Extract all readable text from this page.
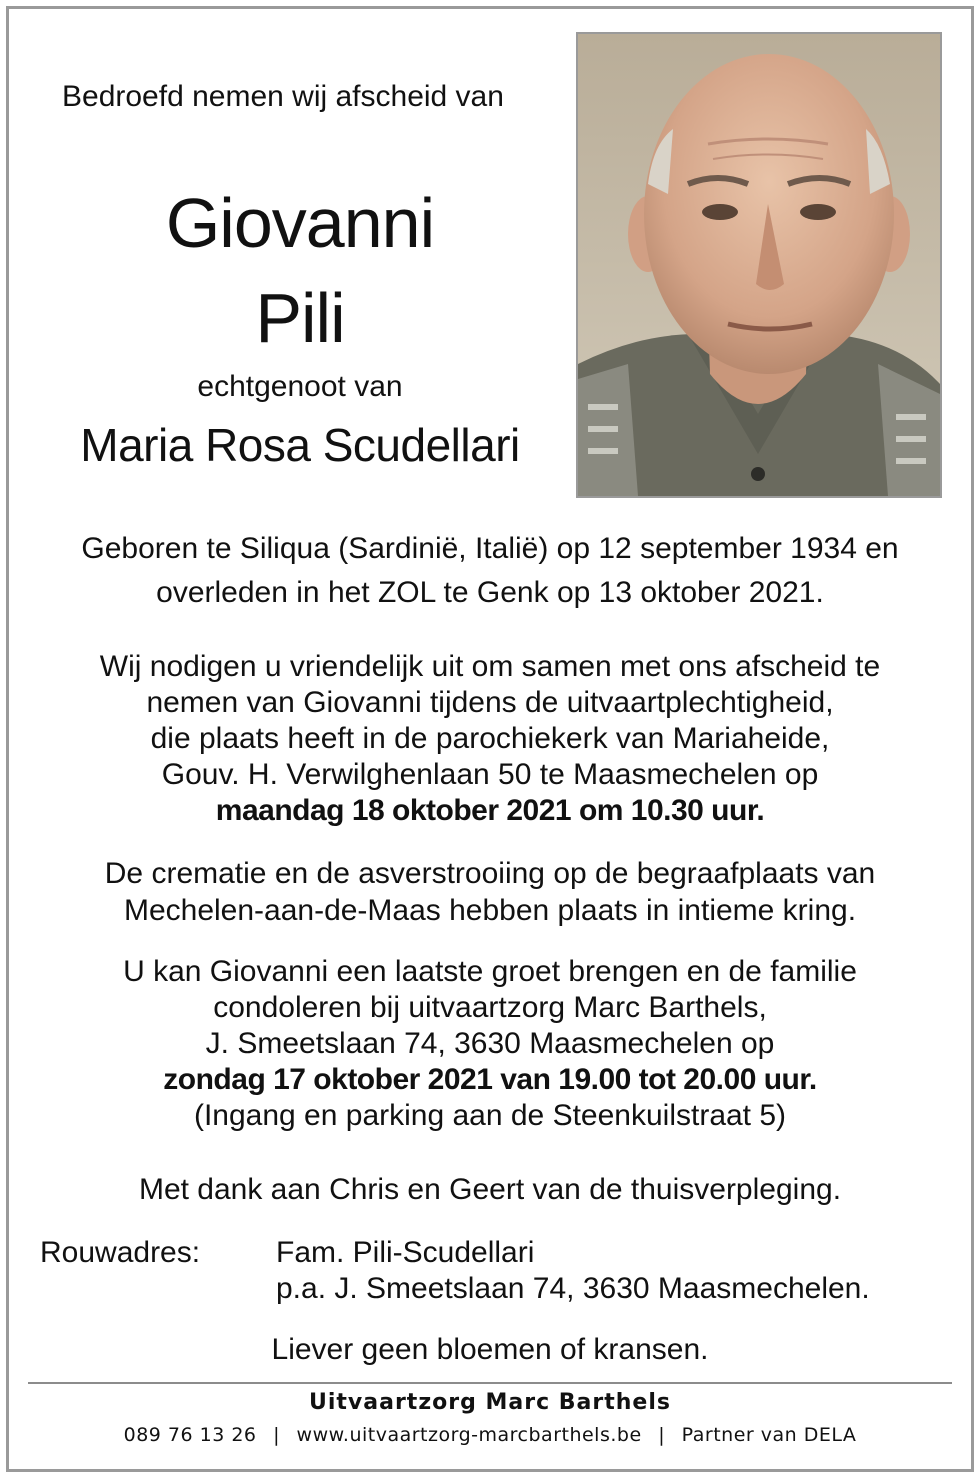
Bedroefd nemen wij afscheid van
Giovanni
Pili
echtgenoot van
Maria Rosa Scudellari
Geboren te Siliqua (Sardinië, Italië) op 12 september 1934 en
overleden in het ZOL te Genk op 13 oktober 2021.
Wij nodigen u vriendelijk uit om samen met ons afscheid te
nemen van Giovanni tijdens de uitvaartplechtigheid,
die plaats heeft in de parochiekerk van Mariaheide,
Gouv. H. Verwilghenlaan 50 te Maasmechelen op
maandag 18 oktober 2021 om 10.30 uur.
De crematie en de asverstrooiing op de begraafplaats van
Mechelen-aan-de-Maas hebben plaats in intieme kring.
U kan Giovanni een laatste groet brengen en de familie
condoleren bij uitvaartzorg Marc Barthels,
J. Smeetslaan 74, 3630 Maasmechelen op
zondag 17 oktober 2021 van 19.00 tot 20.00 uur.
(Ingang en parking aan de Steenkuilstraat 5)
Met dank aan Chris en Geert van de thuisverpleging.
Rouwadres:	Fam. Pili-Scudellari
p.a. J. Smeetslaan 74, 3630 Maasmechelen.
Liever geen bloemen of kransen.
Uitvaartzorg Marc Barthels
089 76 13 26 | www.uitvaartzorg-marcbarthels.be | Partner van DELA
